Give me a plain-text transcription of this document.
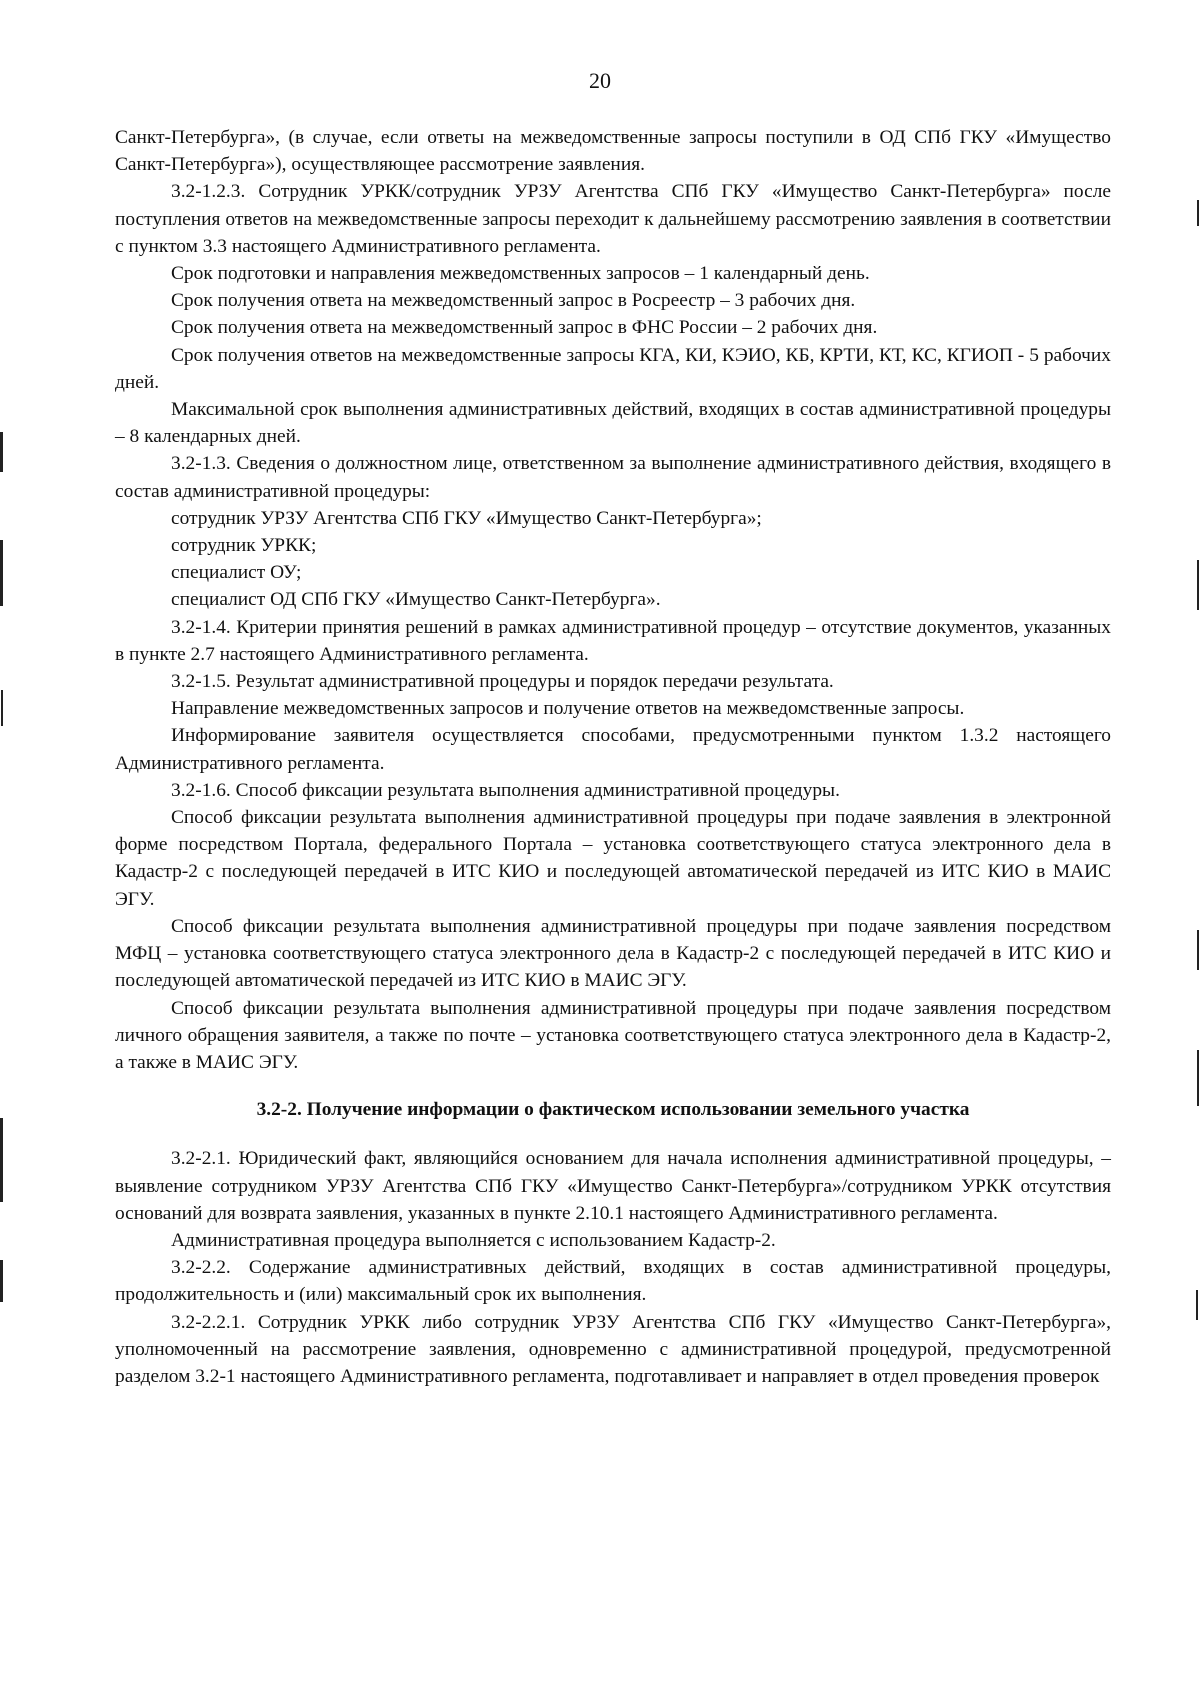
20

Санкт-Петербурга», (в случае, если ответы на межведомственные запросы поступили в ОД СПб ГКУ «Имущество Санкт-Петербурга»), осуществляющее рассмотрение заявления.

3.2-1.2.3. Сотрудник УРКК/сотрудник УРЗУ Агентства СПб ГКУ «Имущество Санкт-Петербурга» после поступления ответов на межведомственные запросы переходит к дальнейшему рассмотрению заявления в соответствии с пунктом 3.3 настоящего Административного регламента.

Срок подготовки и направления межведомственных запросов – 1 календарный день.

Срок получения ответа на межведомственный запрос в Росреестр – 3 рабочих дня.

Срок получения ответа на межведомственный запрос в ФНС России – 2 рабочих дня.

Срок получения ответов на межведомственные запросы КГА, КИ, КЭИО, КБ, КРТИ, КТ, КС, КГИОП - 5 рабочих дней.

Максимальной срок выполнения административных действий, входящих в состав административной процедуры – 8 календарных дней.

3.2-1.3. Сведения о должностном лице, ответственном за выполнение административного действия, входящего в состав административной процедуры:

сотрудник УРЗУ Агентства СПб ГКУ «Имущество Санкт-Петербурга»;

сотрудник УРКК;

специалист ОУ;

специалист ОД СПб ГКУ «Имущество Санкт-Петербурга».

3.2-1.4. Критерии принятия решений в рамках административной процедур – отсутствие документов, указанных в пункте 2.7 настоящего Административного регламента.

3.2-1.5. Результат административной процедуры и порядок передачи результата.

Направление межведомственных запросов и получение ответов на межведомственные запросы.

Информирование заявителя осуществляется способами, предусмотренными пунктом 1.3.2 настоящего Административного регламента.

3.2-1.6. Способ фиксации результата выполнения административной процедуры.

Способ фиксации результата выполнения административной процедуры при подаче заявления в электронной форме посредством Портала, федерального Портала – установка соответствующего статуса электронного дела в Кадастр-2 с последующей передачей в ИТС КИО и последующей автоматической передачей из ИТС КИО в МАИС ЭГУ.

Способ фиксации результата выполнения административной процедуры при подаче заявления посредством МФЦ – установка соответствующего статуса электронного дела в Кадастр-2 с последующей передачей в ИТС КИО и последующей автоматической передачей из ИТС КИО в МАИС ЭГУ.

Способ фиксации результата выполнения административной процедуры при подаче заявления посредством личного обращения заявителя, а также по почте – установка соответствующего статуса электронного дела в Кадастр-2, а также в МАИС ЭГУ.

3.2-2. Получение информации о фактическом использовании земельного участка

3.2-2.1. Юридический факт, являющийся основанием для начала исполнения административной процедуры, – выявление сотрудником УРЗУ Агентства СПб ГКУ «Имущество Санкт-Петербурга»/сотрудником УРКК отсутствия оснований для возврата заявления, указанных в пункте 2.10.1 настоящего Административного регламента.

Административная процедура выполняется с использованием Кадастр-2.

3.2-2.2. Содержание административных действий, входящих в состав административной процедуры, продолжительность и (или) максимальный срок их выполнения.

3.2-2.2.1. Сотрудник УРКК либо сотрудник УРЗУ Агентства СПб ГКУ «Имущество Санкт-Петербурга», уполномоченный на рассмотрение заявления, одновременно с административной процедурой, предусмотренной разделом 3.2-1 настоящего Административного регламента, подготавливает и направляет в отдел проведения проверок
